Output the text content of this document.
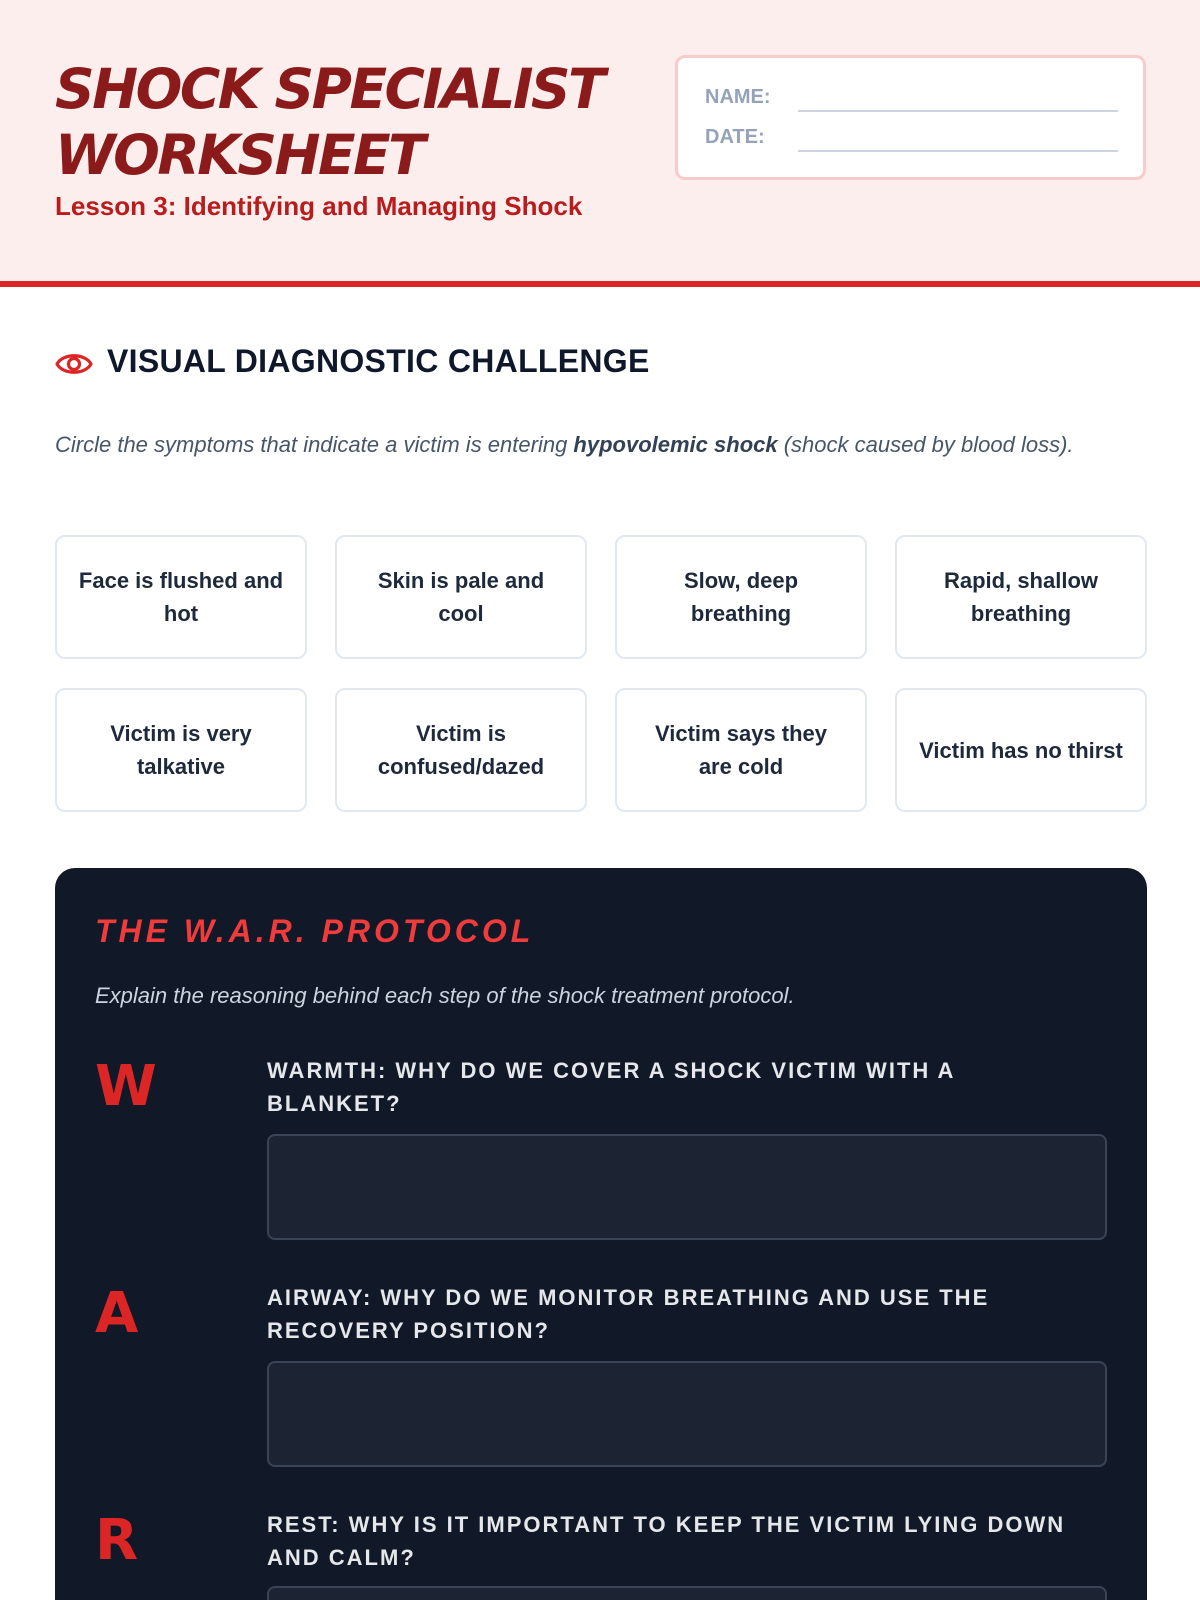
SHOCK SPECIALIST WORKSHEET
Lesson 3: Identifying and Managing Shock
NAME:
DATE:
VISUAL DIAGNOSTIC CHALLENGE

Circle the symptoms that indicate a victim is entering hypovolemic shock (shock caused by blood loss).

Face is flushed and hot
Skin is pale and cool
Slow, deep breathing
Rapid, shallow breathing
Victim is very talkative
Victim is confused/dazed
Victim says they are cold
Victim has no thirst
THE W.A.R. PROTOCOL
Explain the reasoning behind each step of the shock treatment protocol.
W	WARMTH: WHY DO WE COVER A SHOCK VICTIM WITH A BLANKET?
A	AIRWAY: WHY DO WE MONITOR BREATHING AND USE THE RECOVERY POSITION?
R	REST: WHY IS IT IMPORTANT TO KEEP THE VICTIM LYING DOWN AND CALM?
